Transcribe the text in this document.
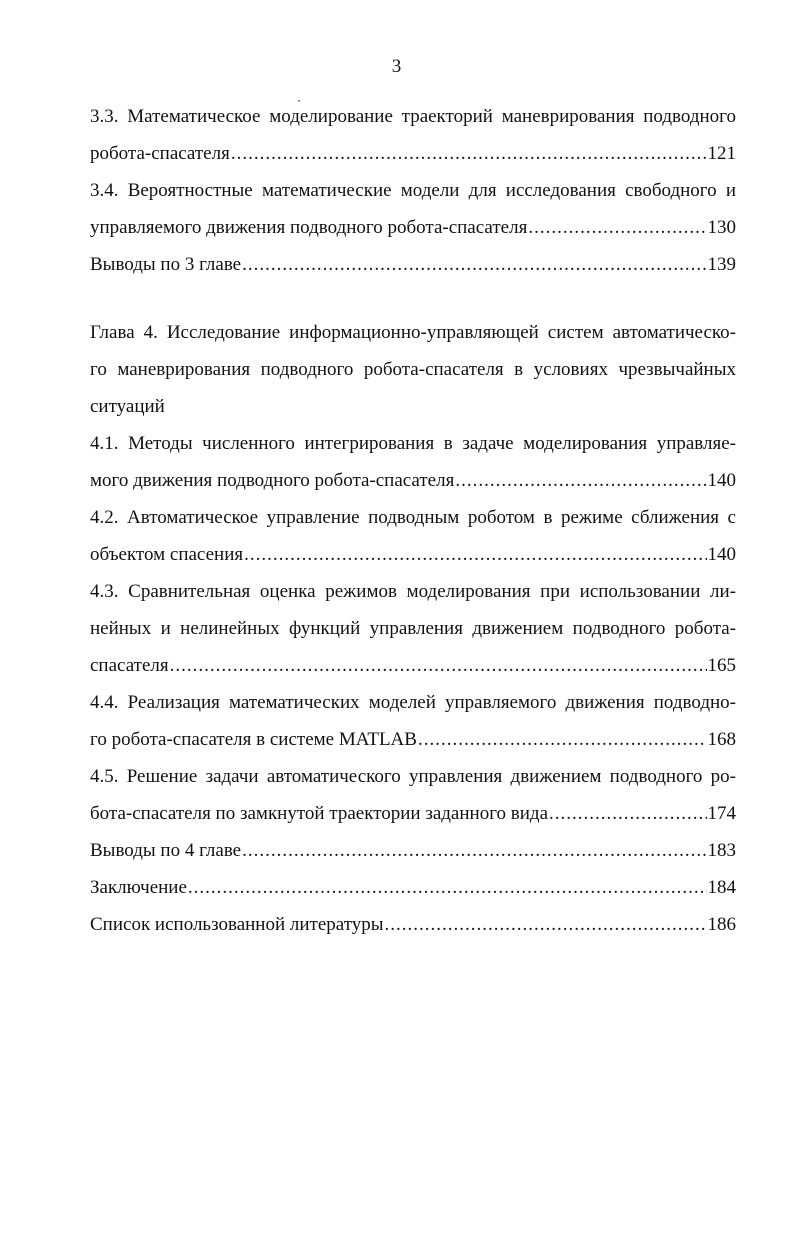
3
3.3. Математическое моделирование траекторий маневрирования подводного
робота-спасателя .....	121
3.4. Вероятностные математические модели для исследования свободного и
управляемого движения подводного робота-спасателя .....	130
Выводы по 3 главе .....	139
Глава 4. Исследование информационно-управляющей систем автоматическо-
го маневрирования подводного робота-спасателя в условиях чрезвычайных
ситуаций
4.1. Методы численного интегрирования в задаче моделирования управляе-
мого движения подводного робота-спасателя .....	140
4.2. Автоматическое управление подводным роботом в режиме сближения с
объектом спасения .....	140
4.3. Сравнительная оценка режимов моделирования при использовании ли-
нейных и нелинейных функций управления движением подводного робота-
спасателя .....	165
4.4. Реализация математических моделей управляемого движения подводно-
го робота-спасателя в системе MATLAB .....	168
4.5. Решение задачи автоматического управления движением подводного ро-
бота-спасателя по замкнутой траектории заданного вида .....	174
Выводы по 4 главе .....	183
Заключение .....	184
Список использованной литературы .....	186
